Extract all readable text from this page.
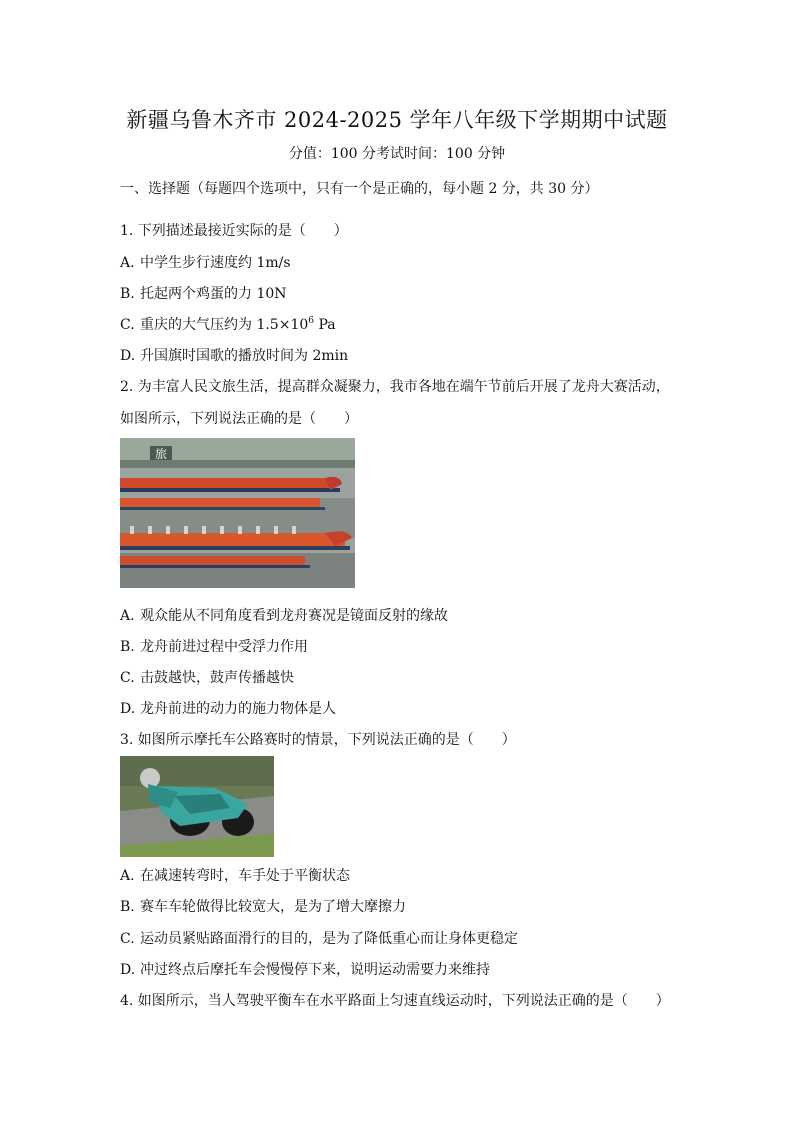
新疆乌鲁木齐市 2024-2025 学年八年级下学期期中试题
分值：100 分考试时间：100 分钟
一、选择题（每题四个选项中，只有一个是正确的，每小题 2 分，共 30 分）
1. 下列描述最接近实际的是（　　）
A. 中学生步行速度约 1m/s
B. 托起两个鸡蛋的力 10N
C. 重庆的大气压约为 $1.5\times 10^6$ Pa
D. 升国旗时国歌的播放时间为 2min
2. 为丰富人民文旅生活，提高群众凝聚力，我市各地在端午节前后开展了龙舟大赛活动，
如图所示，下列说法正确的是（　　）
旅
A. 观众能从不同角度看到龙舟赛况是镜面反射的缘故
B. 龙舟前进过程中受浮力作用
C. 击鼓越快，鼓声传播越快
D. 龙舟前进的动力的施力物体是人
3. 如图所示摩托车公路赛时的情景，下列说法正确的是（　　）
A. 在减速转弯时，车手处于平衡状态
B. 赛车车轮做得比较宽大，是为了增大摩擦力
C. 运动员紧贴路面滑行的目的，是为了降低重心而让身体更稳定
D. 冲过终点后摩托车会慢慢停下来，说明运动需要力来维持
4. 如图所示，当人驾驶平衡车在水平路面上匀速直线运动时，下列说法正确的是（　　）
